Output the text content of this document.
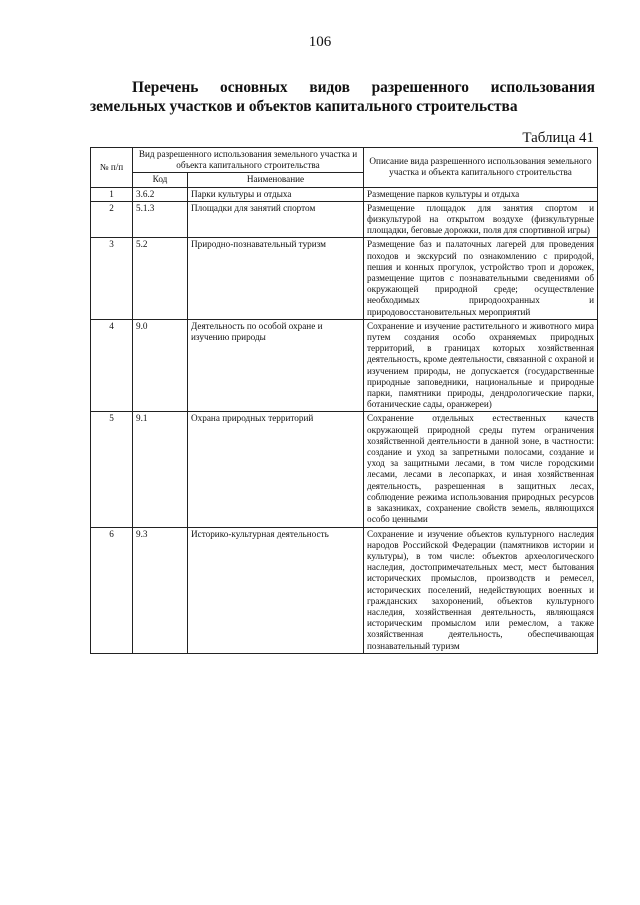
106
Перечень основных видов разрешенного использования земельных участков и объектов капитального строительства
Таблица 41
№ п/п	Вид разрешенного использования земельного участка и объекта капитального строительства		Описание вида разрешенного использования земельного участка и объекта капитального строительства
	Код	Наименование	
1	3.6.2	Парки культуры и отдыха	Размещение парков культуры и отдыха
2	5.1.3	Площадки для занятий спортом	Размещение площадок для занятия спортом и физкультурой на открытом воздухе (физкультурные площадки, беговые дорожки, поля для спортивной игры)
3	5.2	Природно-познавательный туризм	Размещение баз и палаточных лагерей для проведения походов и экскурсий по ознакомлению с природой, пешия и конных прогулок, устройство троп и дорожек, размещение щитов с познавательными сведениями об окружающей природной среде; осуществление необходимых природоохранных и природовосстановительных мероприятий
4	9.0	Деятельность по особой охране и изучению природы	Сохранение и изучение растительного и животного мира путем создания особо охраняемых природных территорий, в границах которых хозяйственная деятельность, кроме деятельности, связанной с охраной и изучением природы, не допускается (государственные природные заповедники, национальные и природные парки, памятники природы, дендрологические парки, ботанические сады, оранжереи)
5	9.1	Охрана природных территорий	Сохранение отдельных естественных качеств окружающей природной среды путем ограничения хозяйственной деятельности в данной зоне, в частности: создание и уход за запретными полосами, создание и уход за защитными лесами, в том числе городскими лесами, лесами в лесопарках, и иная хозяйственная деятельность, разрешенная в защитных лесах, соблюдение режима использования природных ресурсов в заказниках, сохранение свойств земель, являющихся особо ценными
6	9.3	Историко-культурная деятельность	Сохранение и изучение объектов культурного наследия народов Российской Федерации (памятников истории и культуры), в том числе: объектов археологического наследия, достопримечательных мест, мест бытования исторических промыслов, производств и ремесел, исторических поселений, недействующих военных и гражданских захоронений, объектов культурного наследия, хозяйственная деятельность, являющаяся историческим промыслом или ремеслом, а также хозяйственная деятельность, обеспечивающая познавательный туризм
